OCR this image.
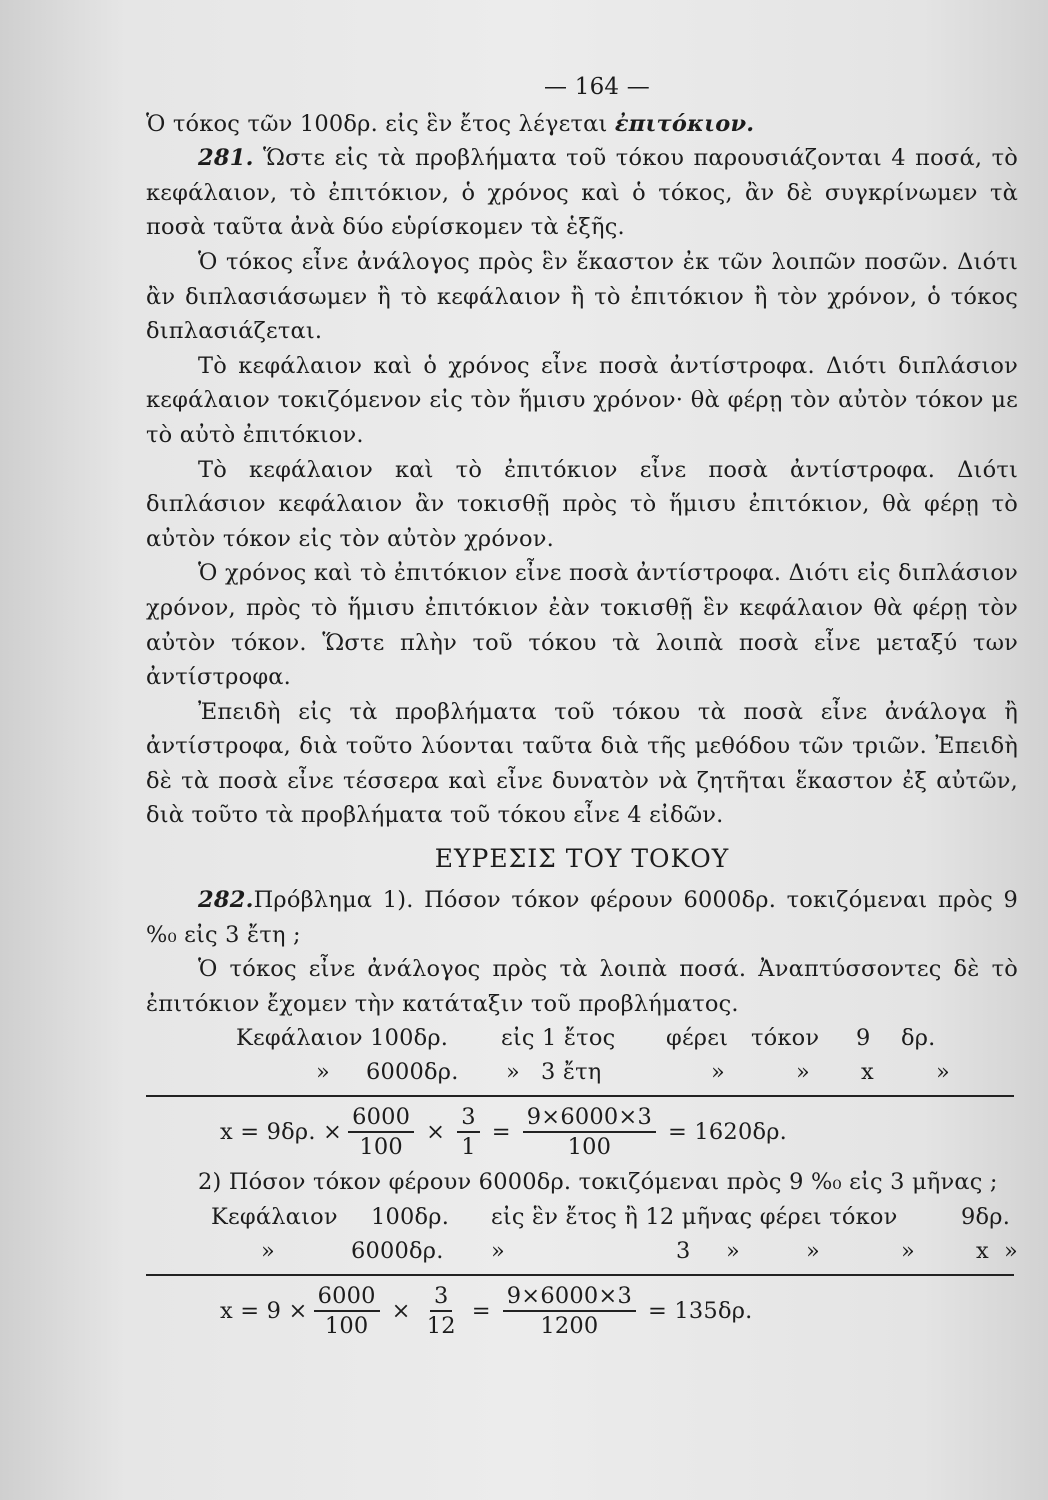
— 164 —

Ὁ τόκος τῶν 100δρ. εἰς ἓν ἔτος λέγεται ἐπιτόκιον.

281. Ὥστε εἰς τὰ προβλήματα τοῦ τόκου παρουσιάζονται 4 ποσά, τὸ κεφάλαιον, τὸ ἐπιτόκιον, ὁ χρόνος καὶ ὁ τόκος, ἂν δὲ συγκρίνωμεν τὰ ποσὰ ταῦτα ἀνὰ δύο εὑρίσκομεν τὰ ἑξῆς.

Ὁ τόκος εἶνε ἀνάλογος πρὸς ἓν ἕκαστον ἐκ τῶν λοιπῶν ποσῶν. Διότι ἂν διπλασιάσωμεν ἢ τὸ κεφάλαιον ἢ τὸ ἐπιτόκιον ἢ τὸν χρόνον, ὁ τόκος διπλασιάζεται.

Τὸ κεφάλαιον καὶ ὁ χρόνος εἶνε ποσὰ ἀντίστροφα. Διότι διπλάσιον κεφάλαιον τοκιζόμενον εἰς τὸν ἥμισυ χρόνον· θὰ φέρῃ τὸν αὐτὸν τόκον με τὸ αὐτὸ ἐπιτόκιον.

Τὸ κεφάλαιον καὶ τὸ ἐπιτόκιον εἶνε ποσὰ ἀντίστροφα. Διότι διπλάσιον κεφάλαιον ἂν τοκισθῇ πρὸς τὸ ἥμισυ ἐπιτόκιον, θὰ φέρῃ τὸ αὐτὸν τόκον εἰς τὸν αὐτὸν χρόνον.

Ὁ χρόνος καὶ τὸ ἐπιτόκιον εἶνε ποσὰ ἀντίστροφα. Διότι εἰς διπλάσιον χρόνον, πρὸς τὸ ἥμισυ ἐπιτόκιον ἐὰν τοκισθῇ ἓν κεφάλαιον θὰ φέρῃ τὸν αὐτὸν τόκον. Ὥστε πλὴν τοῦ τόκου τὰ λοιπὰ ποσὰ εἶνε μεταξύ των ἀντίστροφα.

Ἐπειδὴ εἰς τὰ προβλήματα τοῦ τόκου τὰ ποσὰ εἶνε ἀνάλογα ἢ ἀντίστροφα, διὰ τοῦτο λύονται ταῦτα διὰ τῆς μεθόδου τῶν τριῶν. Ἐπειδὴ δὲ τὰ ποσὰ εἶνε τέσσερα καὶ εἶνε δυνατὸν νὰ ζητῆται ἕκαστον ἐξ αὐτῶν, διὰ τοῦτο τὰ προβλήματα τοῦ τόκου εἶνε 4 εἰδῶν.

ΕΥΡΕΣΙΣ ΤΟΥ ΤΟΚΟΥ

282.Πρόβλημα 1). Πόσον τόκον φέρουν 6000δρ. τοκιζόμεναι πρὸς 9 %₀ εἰς 3 ἔτη ;

Ὁ τόκος εἶνε ἀνάλογος πρὸς τὰ λοιπὰ ποσά. Ἀναπτύσσοντες δὲ τὸ ἐπιτόκιον ἔχομεν τὴν κατάταξιν τοῦ προβλήματος.

Κεφάλαιον 100δρ. εἰς 1 ἔτος φέρει τόκον 9 δρ.
» 6000δρ. » 3 ἔτη	»	» x	»
x = 9δρ. × $\frac{6000}{100} \times \frac{3}{1} = \frac{9\times 6000\times 3}{100} = 1620\delta\rho$.

2) Πόσον τόκον φέρουν 6000δρ. τοκιζόμεναι πρὸς 9 %₀ εἰς 3 μῆνας ;

Κεφάλαιον 100δρ. εἰς ἓν ἔτος ἢ 12 μῆνας φέρει τόκον	9δρ.
»	6000δρ. »	3 »	»	»	x »
$x = 9 \times \frac{6000}{100} \times \frac{3}{12} = \frac{9\times 6000\times 3}{1200} = 135\delta\rho$.
